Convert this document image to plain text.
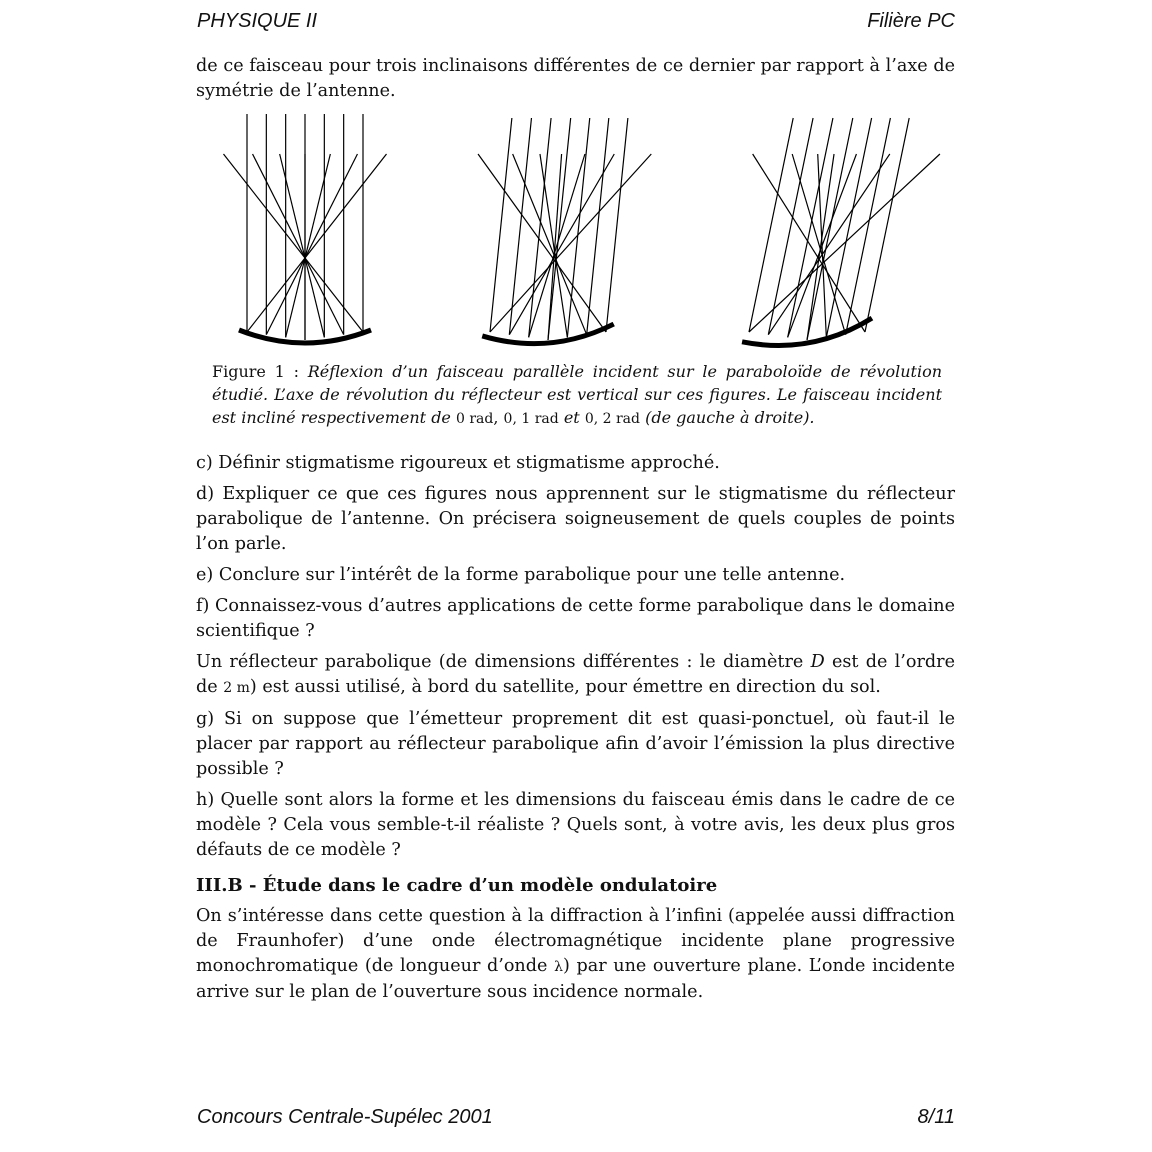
PHYSIQUE II	Filière PC

de ce faisceau pour trois inclinaisons différentes de ce dernier par rapport à l’axe de symétrie de l’antenne.

Figure 1 : Réflexion d’un faisceau parallèle incident sur le paraboloïde de révolution étudié. L’axe de révolution du réflecteur est vertical sur ces figures. Le faisceau incident est incliné respectivement de 0 rad, 0, 1 rad et 0, 2 rad (de gauche à droite).

c) Définir stigmatisme rigoureux et stigmatisme approché.

d) Expliquer ce que ces figures nous apprennent sur le stigmatisme du réflecteur parabolique de l’antenne. On précisera soigneusement de quels couples de points l’on parle.

e) Conclure sur l’intérêt de la forme parabolique pour une telle antenne.

f) Connaissez-vous d’autres applications de cette forme parabolique dans le domaine scientifique ?

Un réflecteur parabolique (de dimensions différentes : le diamètre D est de l’ordre de 2 m) est aussi utilisé, à bord du satellite, pour émettre en direction du sol.

g) Si on suppose que l’émetteur proprement dit est quasi-ponctuel, où faut-il le placer par rapport au réflecteur parabolique afin d’avoir l’émission la plus directive possible ?

h) Quelle sont alors la forme et les dimensions du faisceau émis dans le cadre de ce modèle ? Cela vous semble-t-il réaliste ? Quels sont, à votre avis, les deux plus gros défauts de ce modèle ?

III.B - Étude dans le cadre d’un modèle ondulatoire

On s’intéresse dans cette question à la diffraction à l’infini (appelée aussi diffraction de Fraunhofer) d’une onde électromagnétique incidente plane progressive monochromatique (de longueur d’onde λ) par une ouverture plane. L’onde incidente arrive sur le plan de l’ouverture sous incidence normale.

Concours Centrale-Supélec 2001	8/11
